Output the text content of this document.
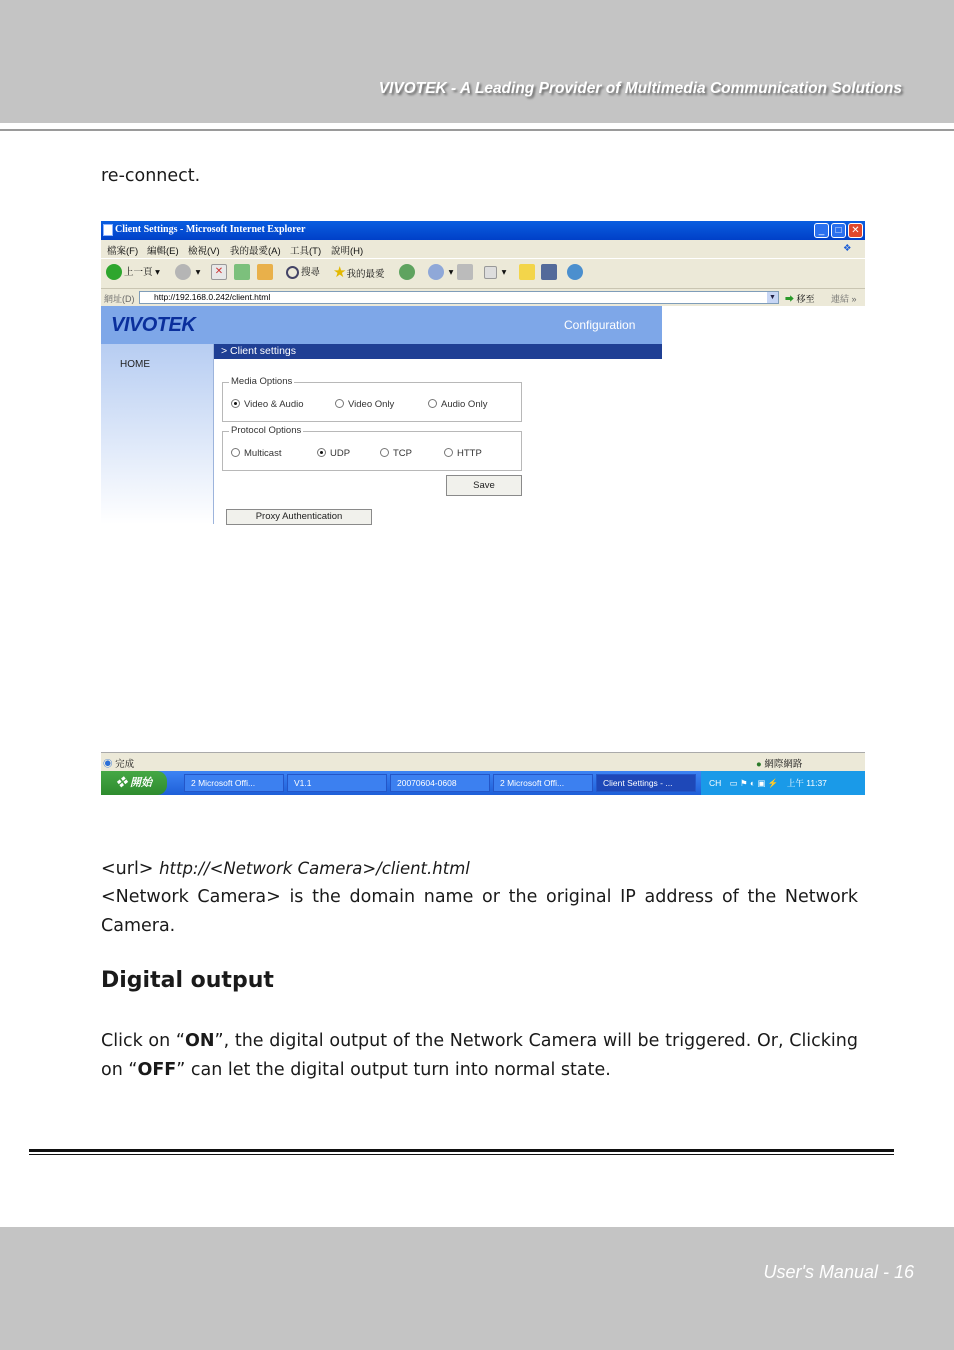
VIVOTEK - A Leading Provider of Multimedia Communication Solutions

re-connect.

Client Settings - Microsoft Internet Explorer	_	□ ✕
檔案(F) 編輯(E) 檢視(V) 我的最愛(A) 工具(T) 說明(H)	❖
上一頁 ▾	▾	✕	搜尋 ★我的最愛	▾	▾
網址(D)	http://192.168.0.242/client.html	▼ ➡ 移至 連結 »
VIVOTEK	Configuration
HOME
> Client settings
Media Options
Video & Audio	Video Only	Audio Only
Protocol Options
Multicast	UDP	TCP	HTTP
Save
Proxy Authentication
◉ 完成	● 網際網路
❖ 開始	2 Microsoft Offi...	V1.1	20070604-0608	2 Microsoft Offi...	Client Settings - ...	CH ▭ ⚑ ◐ ▣ ⚡ 上午 11:37

<url> http://<Network Camera>/client.html

<Network Camera> is the domain name or the original IP address of the Network Camera.

Digital output

Click on “ON”, the digital output of the Network Camera will be triggered. Or, Clicking on “OFF” can let the digital output turn into normal state.

User's Manual - 16
